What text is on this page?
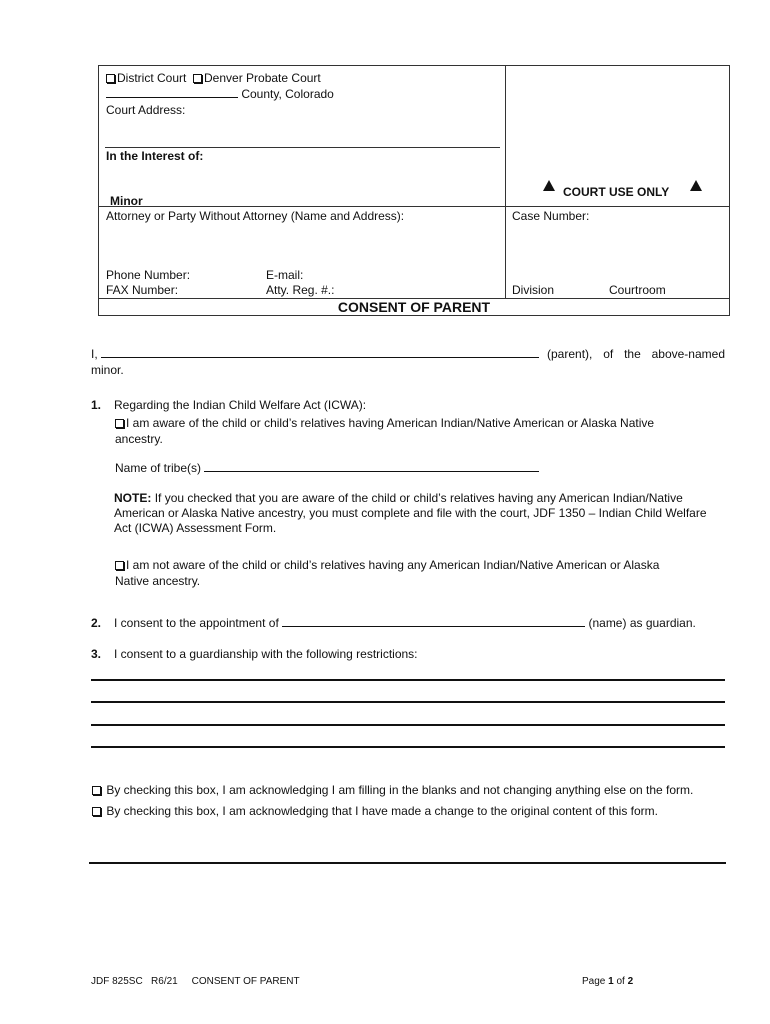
District Court Denver Probate Court
County, Colorado
Court Address:
In the Interest of:
Minor
Attorney or Party Without Attorney (Name and Address):
Phone Number:	E-mail:
FAX Number:	Atty. Reg. #.:
COURT USE ONLY
Case Number:
Division	Courtroom
CONSENT OF PARENT
I,	(parent), of the above-named
minor.
1. Regarding the Indian Child Welfare Act (ICWA):
I am aware of the child or child’s relatives having American Indian/Native American or Alaska Native
ancestry.
Name of tribe(s)
NOTE: If you checked that you are aware of the child or child’s relatives having any American Indian/Native
American or Alaska Native ancestry, you must complete and file with the court, JDF 1350 – Indian Child Welfare
Act (ICWA) Assessment Form.
I am not aware of the child or child’s relatives having any American Indian/Native American or Alaska
Native ancestry.
2. I consent to the appointment of	(name) as guardian.
3. I consent to a guardianship with the following restrictions:
By checking this box, I am acknowledging I am filling in the blanks and not changing anything else on the form.
By checking this box, I am acknowledging that I have made a change to the original content of this form.
JDF 825SC R6/21 CONSENT OF PARENT	Page 1 of 2
